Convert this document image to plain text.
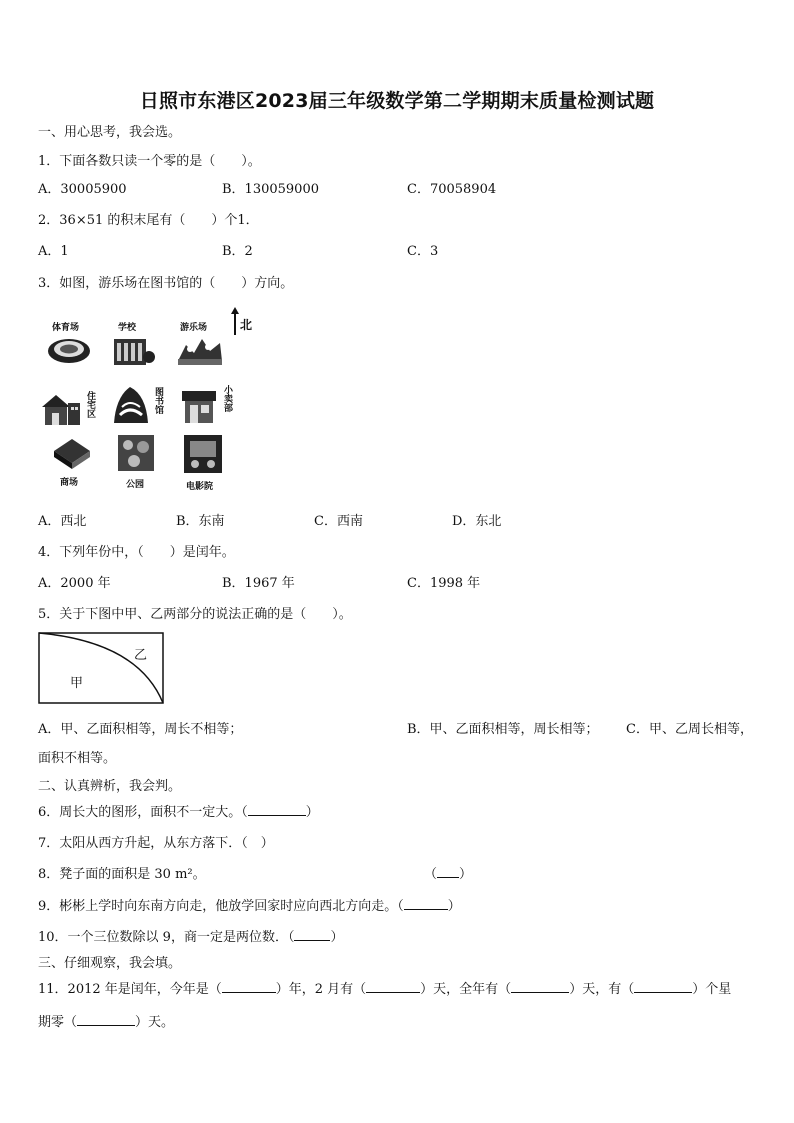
日照市东港区2023届三年级数学第二学期期末质量检测试题
一、用心思考，我会选。
1．下面各数只读一个零的是（　　）。
A．30005900	B．130059000	C．70058904
2．36×51 的积末尾有（　　）个1．
A．1	B．2	C．3
3．如图，游乐场在图书馆的（　　）方向。
北
体育场	学校	游乐场
住宅区	图书馆	小卖部
商场	公园	电影院
A．西北	B．东南	C．西南	D．东北
4．下列年份中，（　　）是闰年。
A．2000 年	B．1967 年	C．1998 年
5．关于下图中甲、乙两部分的说法正确的是（　　）。
乙
甲
A．甲、乙面积相等，周长不相等；	B．甲、乙面积相等，周长相等； C．甲、乙周长相等，
面积不相等。
二、认真辨析，我会判。
6．周长大的图形，面积不一定大。（	）
7．太阳从西方升起，从东方落下．（　）
8．凳子面的面积是 30 m²。	（ ）
9．彬彬上学时向东南方向走，他放学回家时应向西北方向走。（	）
10．一个三位数除以 9，商一定是两位数．（	）
三、仔细观察，我会填。
11．2012 年是闰年，今年是（	）年，2 月有（	）天，全年有（	）天，有（	）个星
期零（	）天。
